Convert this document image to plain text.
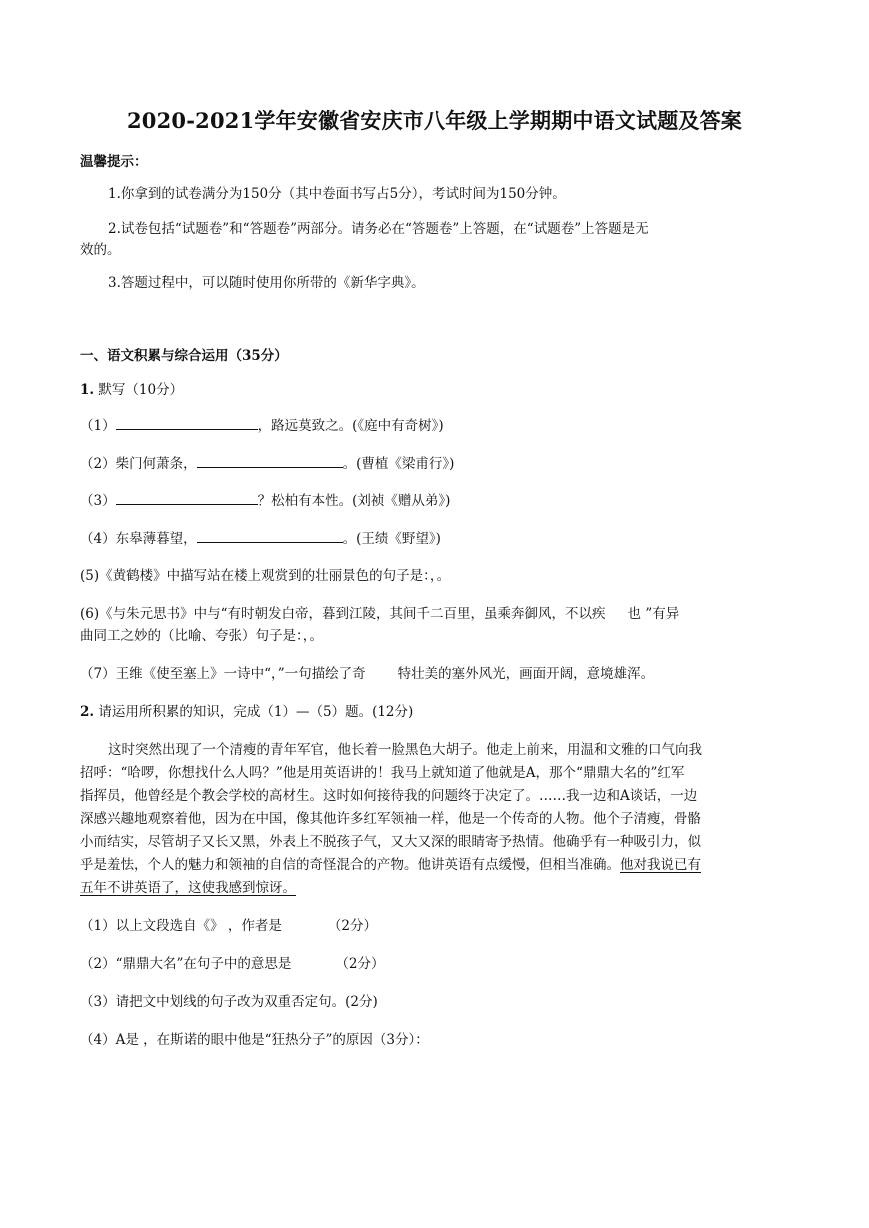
2020-2021学年安徽省安庆市八年级上学期期中语文试题及答案
温馨提示：
1.你拿到的试卷满分为150分（其中卷面书写占5分），考试时间为150分钟。
2.试卷包括“试题卷”和“答题卷”两部分。请务必在“答题卷”上答题，在“试题卷”上答题是无
效的。
3.答题过程中，可以随时使用你所带的《新华字典》。
一、语文积累与综合运用（35分）
1. 默写（10分）
（1）	，路远莫致之。(《庭中有奇树》)
（2）柴门何萧条，	。(曹植《梁甫行》)
（3）	？松柏有本性。(刘祯《赠从弟》)
（4）东皋薄暮望，	。(王绩《野望》)
(5)《黄鹤楼》中描写站在楼上观赏到的壮丽景色的句子是：，。
(6)《与朱元思书》中与“有时朝发白帝，暮到江陵，其间千二百里，虽乘奔御风，不以疾 也 ”有异
曲同工之妙的（比喻、夸张）句子是：，。
（7）王维《使至塞上》一诗中“，”一句描绘了奇 特壮美的塞外风光，画面开阔，意境雄浑。
2. 请运用所积累的知识，完成（1）—（5）题。(12分)
这时突然出现了一个清瘦的青年军官，他长着一脸黑色大胡子。他走上前来，用温和文雅的口气向我
招呼：“哈啰，你想找什么人吗？”他是用英语讲的！我马上就知道了他就是A，那个“鼎鼎大名的”红军
指挥员，他曾经是个教会学校的高材生。这时如何接待我的问题终于决定了。……我一边和A谈话，一边
深感兴趣地观察着他，因为在中国，像其他许多红军领袖一样，他是一个传奇的人物。他个子清瘦，骨骼
小而结实，尽管胡子又长又黑，外表上不脱孩子气，又大又深的眼睛寄予热情。他确乎有一种吸引力，似
乎是羞怯，个人的魅力和领袖的自信的奇怪混合的产物。他讲英语有点缓慢，但相当准确。他对我说已有
五年不讲英语了，这使我感到惊讶。
（1）以上文段选自《》 ，作者是	（2分）
（2）“鼎鼎大名”在句子中的意思是	（2分）
（3）请把文中划线的句子改为双重否定句。(2分)
（4）A是 ，在斯诺的眼中他是“狂热分子”的原因（3分）：
